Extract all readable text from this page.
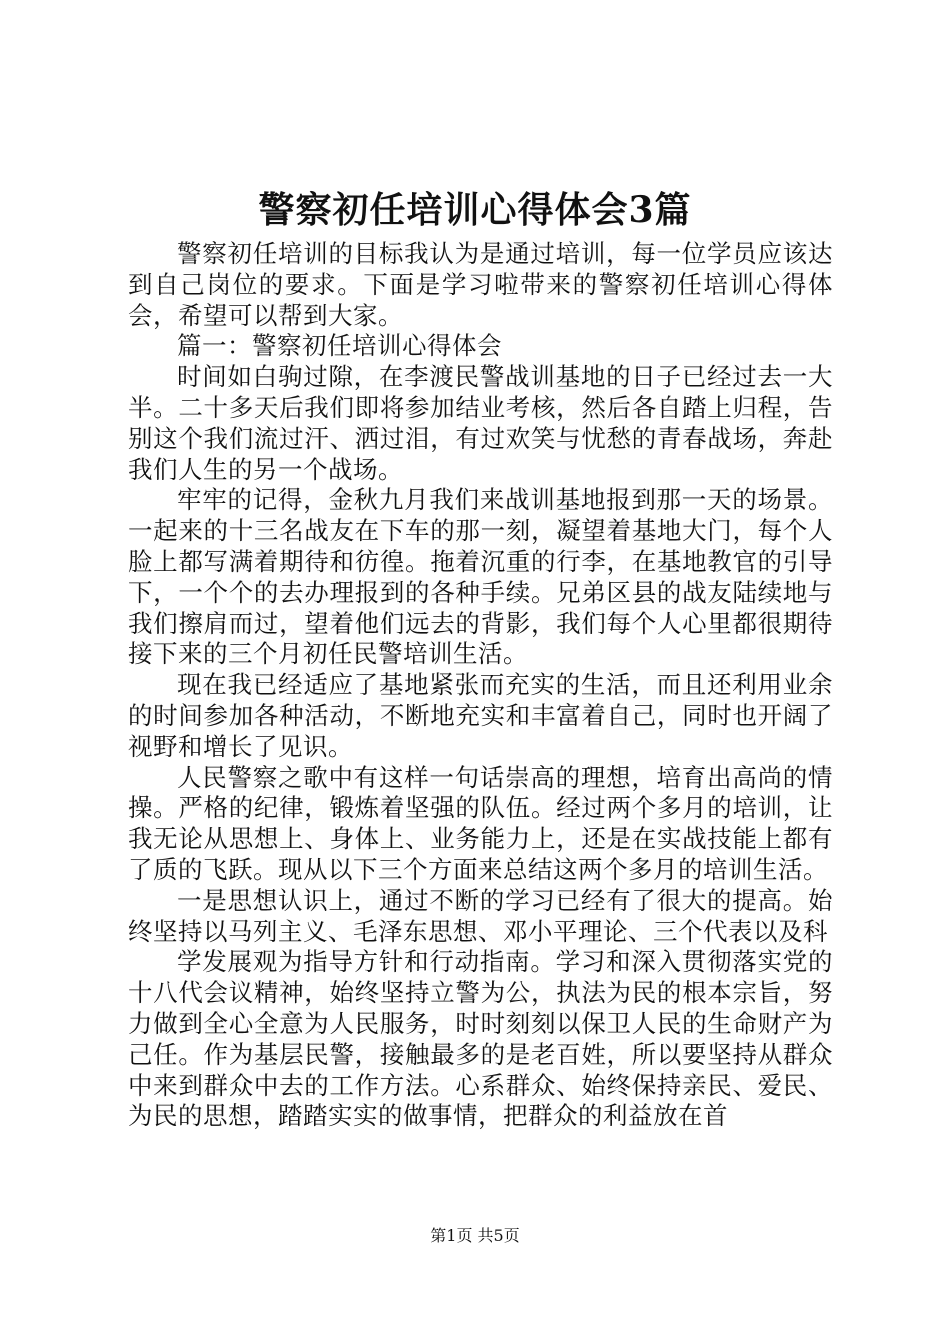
警察初任培训心得体会3篇

警察初任培训的目标我认为是通过培训，每一位学员应该达到自己岗位的要求。下面是学习啦带来的警察初任培训心得体会，希望可以帮到大家。

篇一：警察初任培训心得体会

时间如白驹过隙，在李渡民警战训基地的日子已经过去一大半。二十多天后我们即将参加结业考核，然后各自踏上归程，告别这个我们流过汗、洒过泪，有过欢笑与忧愁的青春战场，奔赴我们人生的另一个战场。

牢牢的记得，金秋九月我们来战训基地报到那一天的场景。一起来的十三名战友在下车的那一刻，凝望着基地大门，每个人脸上都写满着期待和彷徨。拖着沉重的行李，在基地教官的引导下，一个个的去办理报到的各种手续。兄弟区县的战友陆续地与我们擦肩而过，望着他们远去的背影，我们每个人心里都很期待接下来的三个月初任民警培训生活。

现在我已经适应了基地紧张而充实的生活，而且还利用业余的时间参加各种活动，不断地充实和丰富着自己，同时也开阔了视野和增长了见识。

人民警察之歌中有这样一句话崇高的理想，培育出高尚的情操。严格的纪律，锻炼着坚强的队伍。经过两个多月的培训，让我无论从思想上、身体上、业务能力上，还是在实战技能上都有了质的飞跃。现从以下三个方面来总结这两个多月的培训生活。

一是思想认识上，通过不断的学习已经有了很大的提高。始终坚持以马列主义、毛泽东思想、邓小平理论、三个代表以及科

学发展观为指导方针和行动指南。学习和深入贯彻落实党的十八代会议精神，始终坚持立警为公，执法为民的根本宗旨，努力做到全心全意为人民服务，时时刻刻以保卫人民的生命财产为己任。作为基层民警，接触最多的是老百姓，所以要坚持从群众中来到群众中去的工作方法。心系群众、始终保持亲民、爱民、为民的思想，踏踏实实的做事情，把群众的利益放在首

第1页 共5页
